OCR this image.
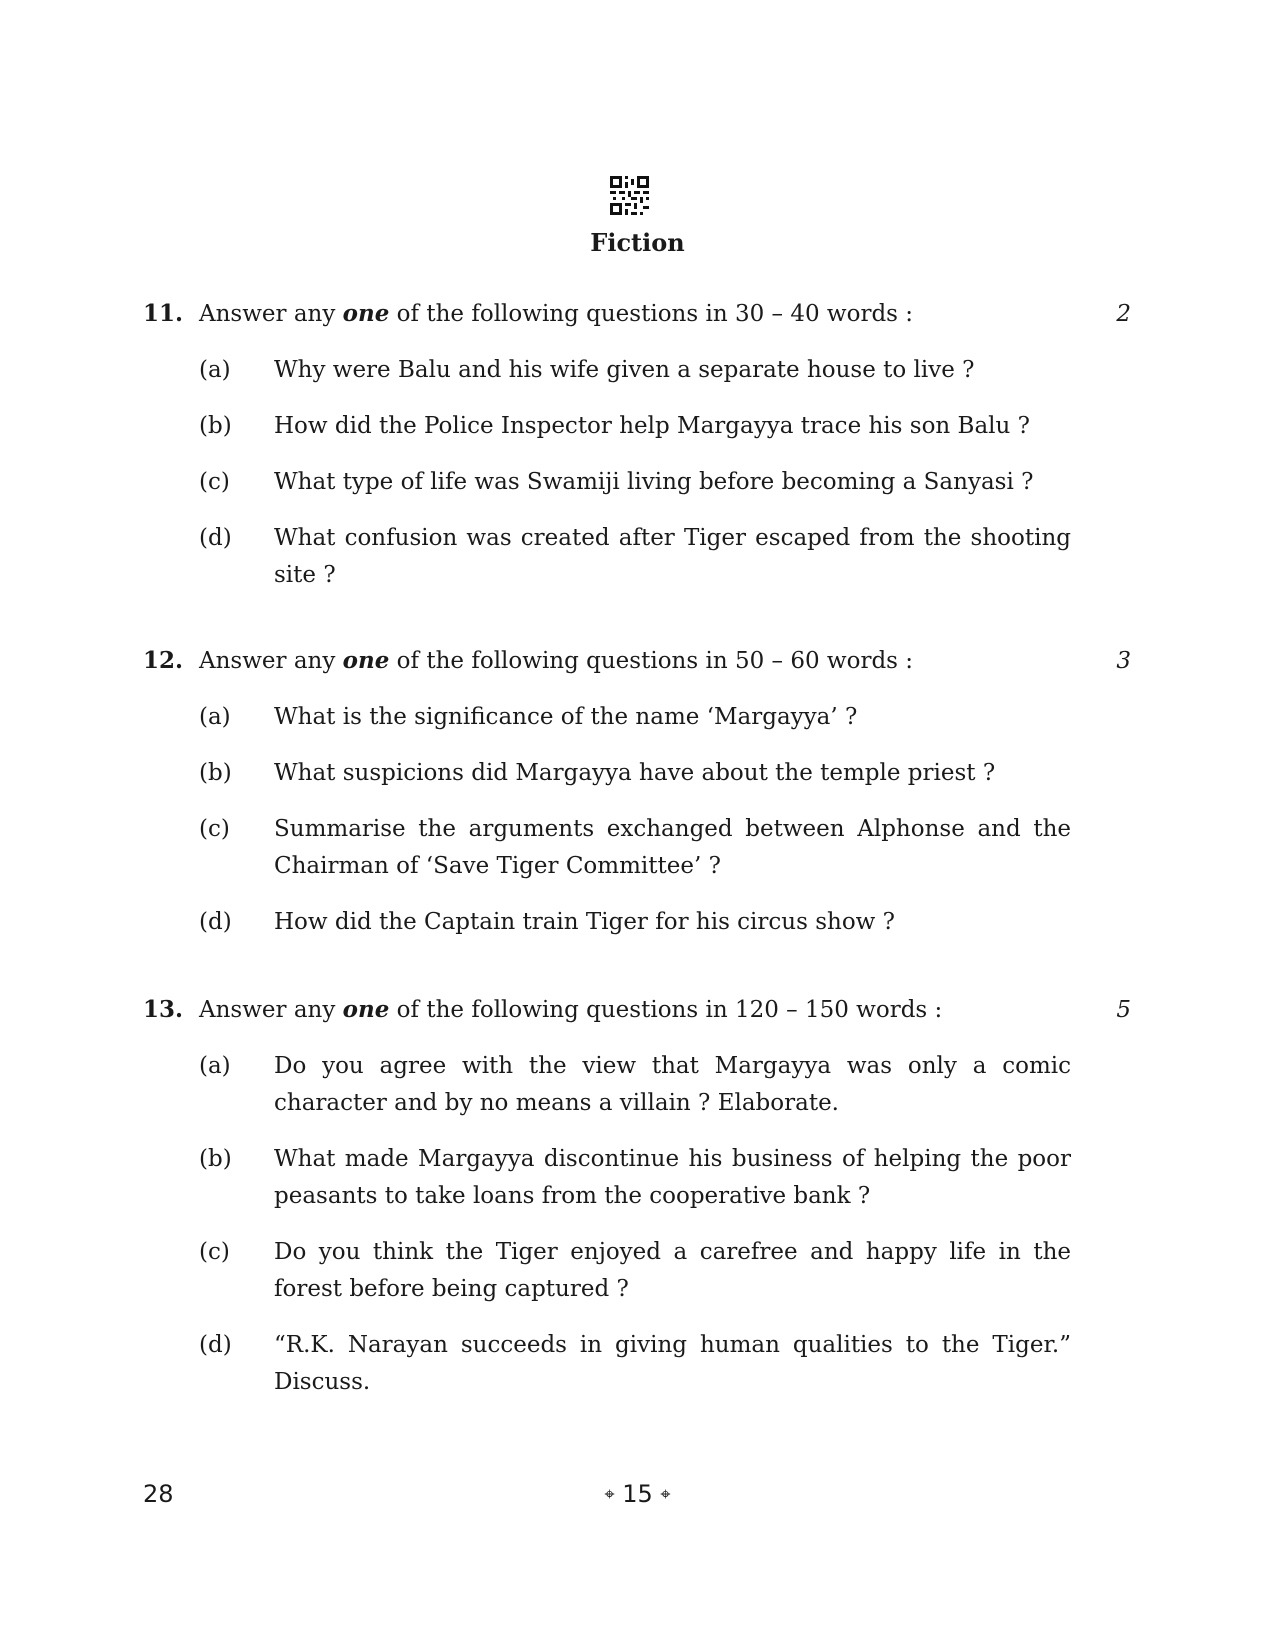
Fiction
11. Answer any one of the following questions in 30 – 40 words :	2
(a) Why were Balu and his wife given a separate house to live ?
(b) How did the Police Inspector help Margayya trace his son Balu ?
(c) What type of life was Swamiji living before becoming a Sanyasi ?
(d) What confusion was created after Tiger escaped from the shooting site ?
12. Answer any one of the following questions in 50 – 60 words :	3
(a) What is the significance of the name ‘Margayya’ ?
(b) What suspicions did Margayya have about the temple priest ?
(c) Summarise the arguments exchanged between Alphonse and the Chairman of ‘Save Tiger Committee’ ?
(d) How did the Captain train Tiger for his circus show ?
13. Answer any one of the following questions in 120 – 150 words :	5
(a) Do you agree with the view that Margayya was only a comic character and by no means a villain ? Elaborate.
(b) What made Margayya discontinue his business of helping the poor peasants to take loans from the cooperative bank ?
(c) Do you think the Tiger enjoyed a carefree and happy life in the forest before being captured ?
(d) “R.K. Narayan succeeds in giving human qualities to the Tiger.” Discuss.
28	⌖ 15 ⌖
